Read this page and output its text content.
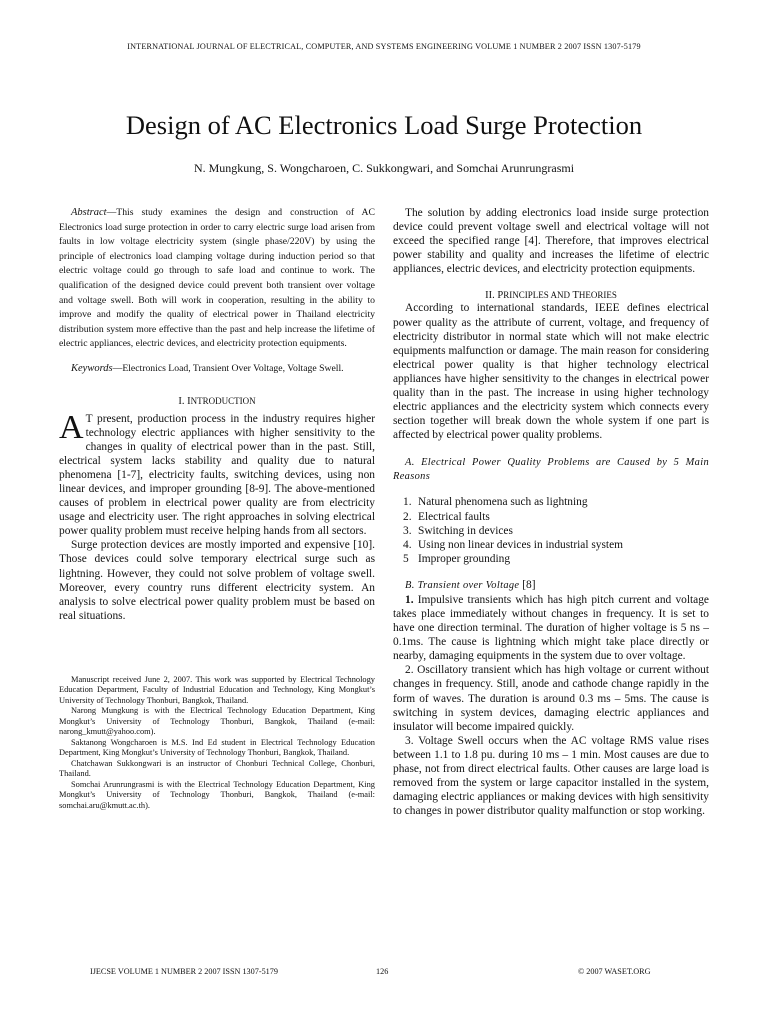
INTERNATIONAL JOURNAL OF ELECTRICAL, COMPUTER, AND SYSTEMS ENGINEERING VOLUME 1 NUMBER 2 2007 ISSN 1307-5179
Design of AC Electronics Load Surge Protection
N. Mungkung, S. Wongcharoen, C. Sukkongwari, and Somchai Arunrungrasmi

Abstract—This study examines the design and construction of AC Electronics load surge protection in order to carry electric surge load arisen from faults in low voltage electricity system (single phase/220V) by using the principle of electronics load clamping voltage during induction period so that electric voltage could go through to safe load and continue to work. The qualification of the designed device could prevent both transient over voltage and voltage swell. Both will work in cooperation, resulting in the ability to improve and modify the quality of electrical power in Thailand electricity distribution system more effective than the past and help increase the lifetime of electric appliances, electric devices, and electricity protection equipments.

Keywords—Electronics Load, Transient Over Voltage, Voltage Swell.

I. INTRODUCTION

A T present, production process in the industry requires higher technology electric appliances with higher sensitivity to the changes in quality of electrical power than in the past. Still, electrical system lacks stability and quality due to natural phenomena [1-7], electricity faults, switching devices, using non linear devices, and improper grounding [8-9]. The above-mentioned causes of problem in electrical power quality are from electricity usage and electricity user. The right approaches in solving electrical power quality problem must receive helping hands from all sectors.

Surge protection devices are mostly imported and expensive [10]. Those devices could solve temporary electrical surge such as lightning. However, they could not solve problem of voltage swell. Moreover, every country runs different electricity system. An analysis to solve electrical power quality problem must be based on real situations.

Manuscript received June 2, 2007. This work was supported by Electrical Technology Education Department, Faculty of Industrial Education and Technology, King Mongkut’s University of Technology Thonburi, Bangkok, Thailand.

Narong Mungkung is with the Electrical Technology Education Department, King Mongkut’s University of Technology Thonburi, Bangkok, Thailand (e-mail: narong_kmutt@yahoo.com).

Saktanong Wongcharoen is M.S. Ind Ed student in Electrical Technology Education Department, King Mongkut’s University of Technology Thonburi, Bangkok, Thailand.

Chatchawan Sukkongwari is an instructor of Chonburi Technical College, Chonburi, Thailand.

Somchai Arunrungrasmi is with the Electrical Technology Education Department, King Mongkut’s University of Technology Thonburi, Bangkok, Thailand (e-mail: somchai.aru@kmutt.ac.th).

The solution by adding electronics load inside surge protection device could prevent voltage swell and electrical voltage will not exceed the specified range [4]. Therefore, that improves electrical power stability and quality and increases the lifetime of electric appliances, electric devices, and electricity protection equipments.

II. PRINCIPLES AND THEORIES

According to international standards, IEEE defines electrical power quality as the attribute of current, voltage, and frequency of electricity distributor in normal state which will not make electric equipments malfunction or damage. The main reason for considering electrical power quality is that higher technology electrical appliances have higher sensitivity to the changes in electrical power quality than in the past. The increase in using higher technology electric appliances and the electricity system which connects every section together will break down the whole system if one part is affected by electrical power quality problems.

A. Electrical Power Quality Problems are Caused by 5 Main Reasons

1. Natural phenomena such as lightning
2. Electrical faults
3. Switching in devices
4. Using non linear devices in industrial system
5 Improper grounding

B. Transient over Voltage [8]

1. Impulsive transients which has high pitch current and voltage takes place immediately without changes in frequency. It is set to have one direction terminal. The duration of higher voltage is 5 ns – 0.1ms. The cause is lightning which might take place directly or nearby, damaging equipments in the system due to over voltage.

2. Oscillatory transient which has high voltage or current without changes in frequency. Still, anode and cathode change rapidly in the form of waves. The duration is around 0.3 ms – 5ms. The cause is switching in system devices, damaging electric appliances and insulator will become impaired quickly.

3. Voltage Swell occurs when the AC voltage RMS value rises between 1.1 to 1.8 pu. during 10 ms – 1 min. Most causes are due to phase, not from direct electrical faults. Other causes are large load is removed from the system or large capacitor installed in the system, damaging electric appliances or making devices with high sensitivity to changes in power distributor quality malfunction or stop working.

IJECSE VOLUME 1 NUMBER 2 2007 ISSN 1307-5179	126	© 2007 WASET.ORG
